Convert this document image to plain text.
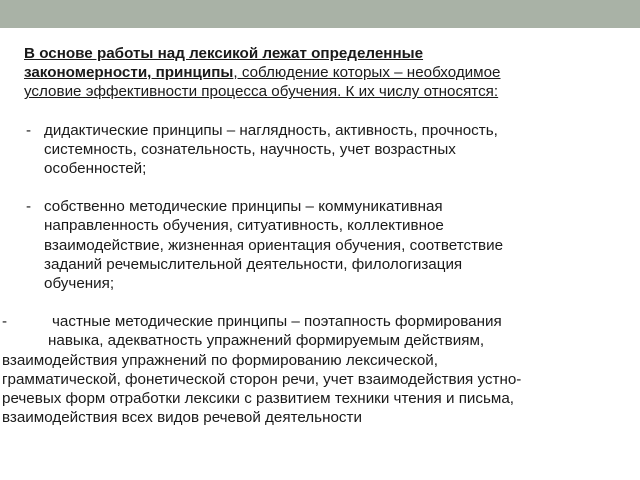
В основе работы над лексикой лежат определенные закономерности, принципы, соблюдение которых – необходимое условие эффективности процесса обучения. К их числу относятся:

- дидактические принципы – наглядность, активность, прочность, системность, сознательность, научность, учет возрастных особенностей;
- собственно методические принципы – коммуникативная направленность обучения, ситуативность, коллективное взаимодействие, жизненная ориентация обучения, соответствие заданий речемыслительной деятельности, филологизация обучения;

-	частные методические принципы – поэтапность формирования
навыка, адекватность упражнений формируемым действиям,
взаимодействия упражнений по формированию лексической, грамматической, фонетической сторон речи, учет взаимодействия устно-речевых форм отработки лексики с развитием техники чтения и письма, взаимодействия всех видов речевой деятельности
